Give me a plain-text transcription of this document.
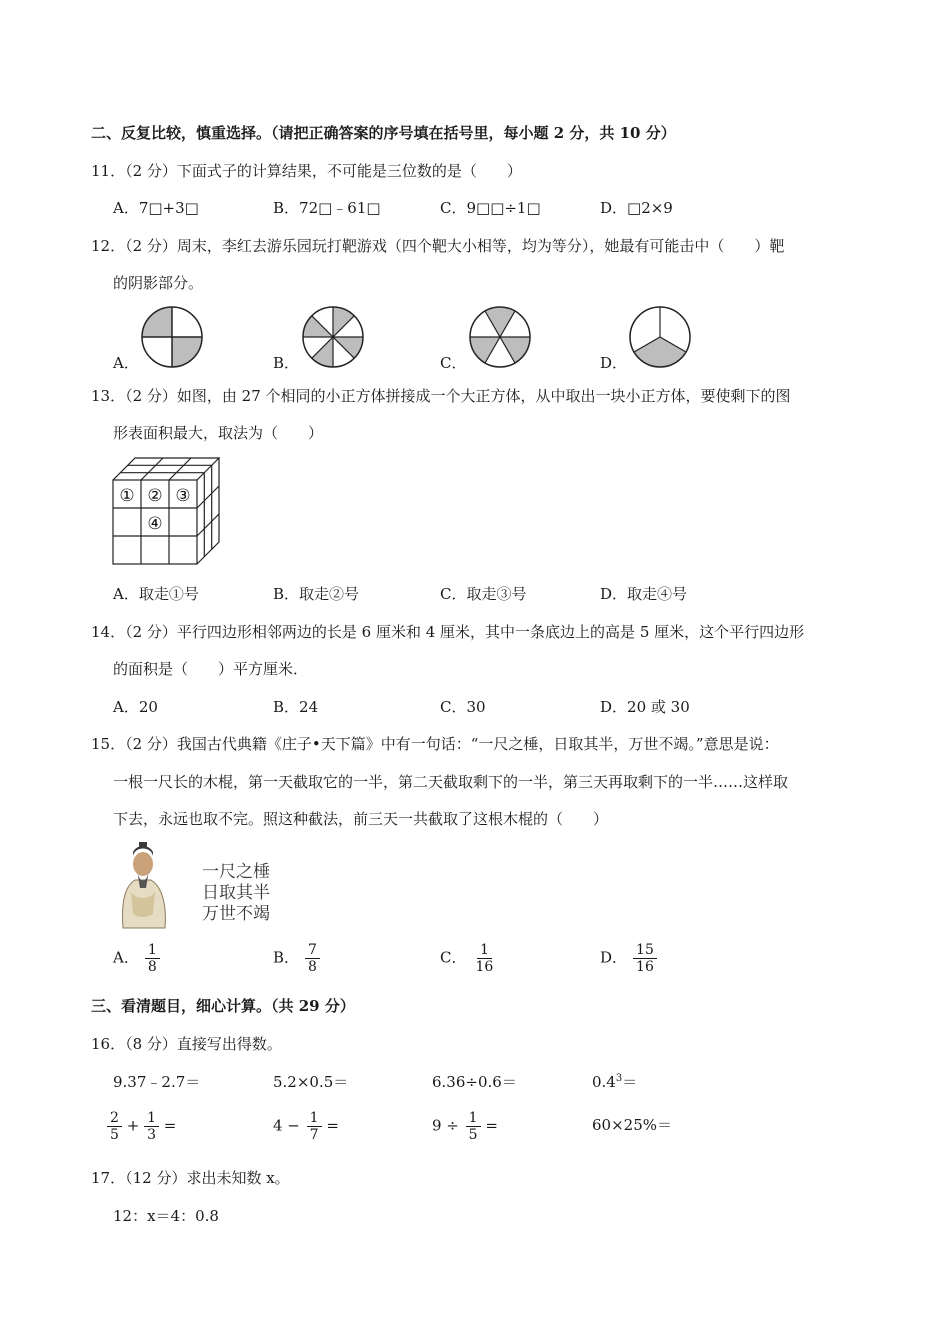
二、反复比较，慎重选择。（请把正确答案的序号填在括号里，每小题 2 分，共 10 分）
11．（2 分）下面式子的计算结果，不可能是三位数的是（　　）
A．7□+3□	B．72□﹣61□	C．9□□÷1□	D．□2×9
12．（2 分）周末，李红去游乐园玩打靶游戏（四个靶大小相等，均为等分），她最有可能击中（　　）靶
的阴影部分。
A．	B．	C．	D．
13．（2 分）如图，由 27 个相同的小正方体拼接成一个大正方体，从中取出一块小正方体，要使剩下的图
形表面积最大，取法为（　　）
① ② ③
④
A．取走①号	B．取走②号	C．取走③号	D．取走④号
14．（2 分）平行四边形相邻两边的长是 6 厘米和 4 厘米，其中一条底边上的高是 5 厘米，这个平行四边形
的面积是（　　）平方厘米．
A．20	B．24	C．30	D．20 或 30
15．（2 分）我国古代典籍《庄子•天下篇》中有一句话：“一尺之棰，日取其半，万世不竭。”意思是说：
一根一尺长的木棍，第一天截取它的一半，第二天截取剩下的一半，第三天再取剩下的一半……这样取
下去，永远也取不完。照这种截法，前三天一共截取了这根木棍的（　　）
一尺之棰
日取其半
万世不竭
A． $\frac{1}{8}$	B． $\frac{7}{8}$	C． $\frac{1}{16}$	D． $\frac{15}{16}$
三、看清题目，细心计算。（共 29 分）
16．（8 分）直接写出得数。
9.37﹣2.7＝	5.2×0.5＝	6.36÷0.6＝	$0.4^3=$
$\frac{2}{5} + \frac{1}{3}$ =	$4 - \frac{1}{7}$ =	$9 \div \frac{1}{5}$ =	60×25%＝
17．（12 分）求出未知数 x。
12：x＝4：0.8
